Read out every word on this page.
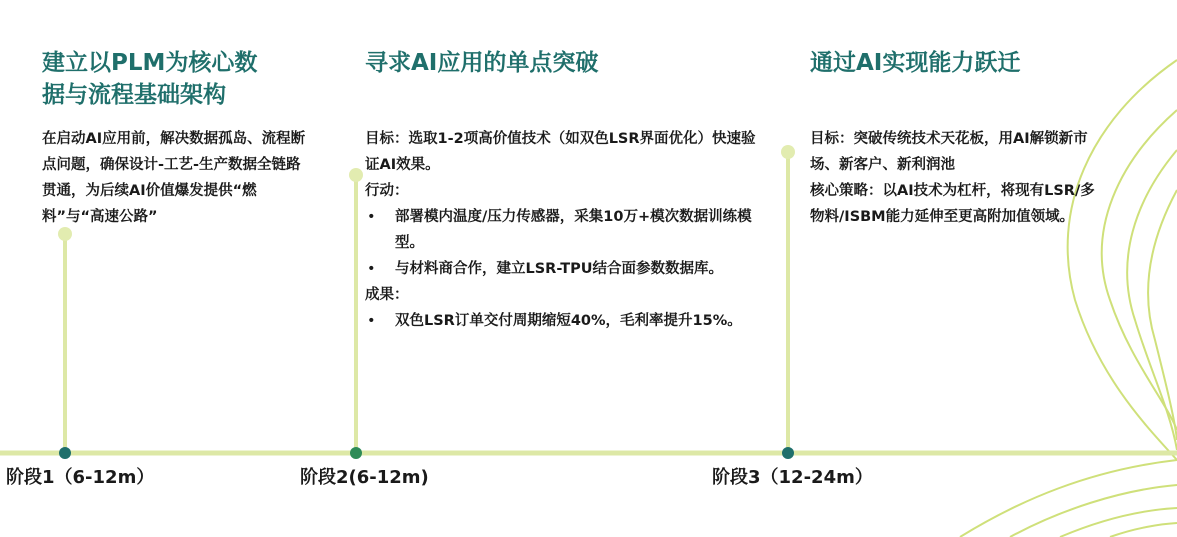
建立以PLM为核心数
据与流程基础架构

在启动AI应用前，解决数据孤岛、流程断点问题，确保设计-工艺-生产数据全链路贯通，为后续AI价值爆发提供“燃料”与“高速公路”

寻求AI应用的单点突破

目标：选取1-2项高价值技术（如双色LSR界面优化）快速验证AI效果。

行动：

• 部署模内温度/压力传感器，采集10万+模次数据训练模型。
• 与材料商合作，建立LSR-TPU结合面参数数据库。

成果：

• 双色LSR订单交付周期缩短40%，毛利率提升15%。
通过AI实现能力跃迁

目标：突破传统技术天花板，用AI解锁新市场、新客户、新利润池

核心策略：以AI技术为杠杆，将现有LSR/多物料/ISBM能力延伸至更高附加值领域。

阶段1（6-12m）	阶段2(6-12m)	阶段3（12-24m）
